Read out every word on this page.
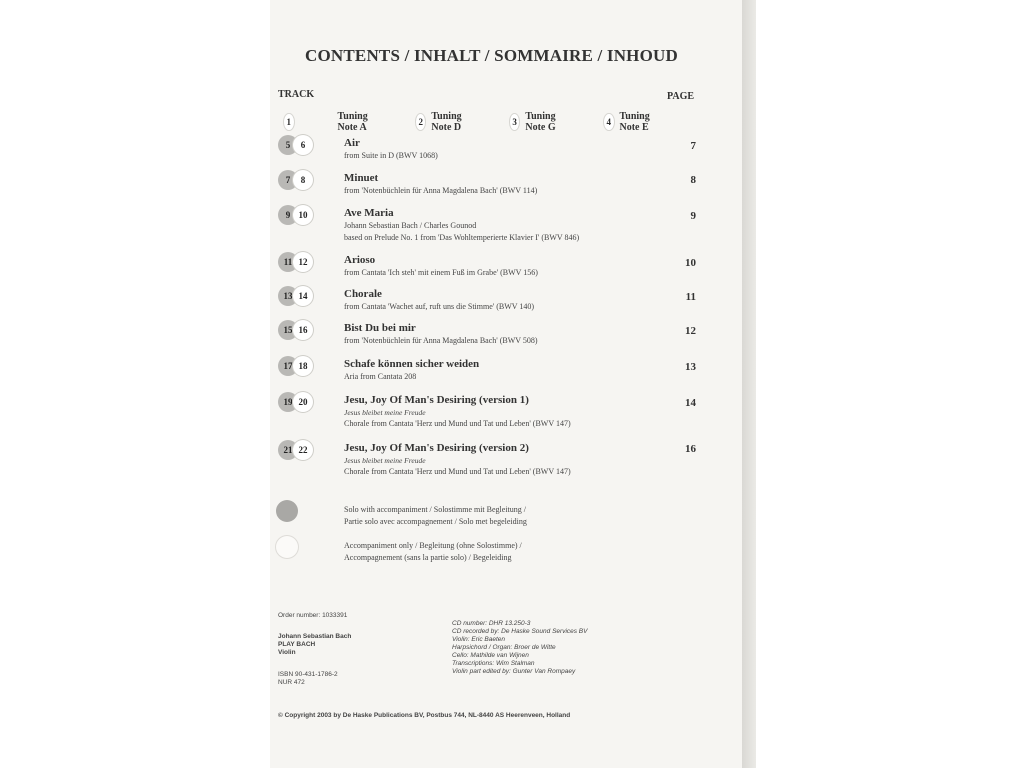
CONTENTS / INHALT / SOMMAIRE / INHOUD
TRACK	PAGE
1	Tuning Note A	2 Tuning Note D	3 Tuning Note G	4 Tuning Note E
5	6	Air
from Suite in D (BWV 1068)
7
7	8	Minuet
from 'Notenbüchlein für Anna Magdalena Bach' (BWV 114)
8
9 10	Ave Maria
Johann Sebastian Bach / Charles Gounod
based on Prelude No. 1 from 'Das Wohltemperierte Klavier I' (BWV 846)
9
11 12	Arioso
from Cantata 'Ich steh' mit einem Fuß im Grabe' (BWV 156)
10
13 14	Chorale
from Cantata 'Wachet auf, ruft uns die Stimme' (BWV 140)
11
15 16	Bist Du bei mir
from 'Notenbüchlein für Anna Magdalena Bach' (BWV 508)
12
17 18	Schafe können sicher weiden
Aria from Cantata 208
13
19 20	Jesu, Joy Of Man's Desiring (version 1)
Jesus bleibet meine Freude
Chorale from Cantata 'Herz und Mund und Tat und Leben' (BWV 147)
14
21 22	Jesu, Joy Of Man's Desiring (version 2)
Jesus bleibet meine Freude
Chorale from Cantata 'Herz und Mund und Tat und Leben' (BWV 147)
16
Solo with accompaniment / Solostimme mit Begleitung /
Partie solo avec accompagnement / Solo met begeleiding
Accompaniment only / Begleitung (ohne Solostimme) /
Accompagnement (sans la partie solo) / Begeleiding
Order number: 1033391
Johann Sebastian Bach
PLAY BACH
Violin
ISBN 90-431-1786-2
NUR 472
CD number: DHR 13.250-3
CD recorded by: De Haske Sound Services BV
Violin: Eric Baeten
Harpsichord / Organ: Broer de Witte
Cello: Mathilde van Wijnen
Transcriptions: Wim Stalman
Violin part edited by: Gunter Van Rompaey
© Copyright 2003 by De Haske Publications BV, Postbus 744, NL-8440 AS Heerenveen, Holland
